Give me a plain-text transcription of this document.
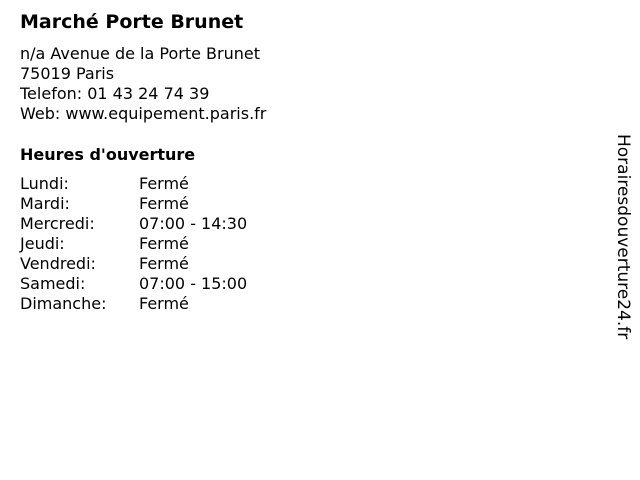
Marché Porte Brunet
n/a Avenue de la Porte Brunet
75019 Paris
Telefon: 01 43 24 74 39
Web: www.equipement.paris.fr
Heures d'ouverture
Lundi:	Fermé
Mardi:	Fermé
Mercredi:	07:00 - 14:30
Jeudi:	Fermé
Vendredi:	Fermé
Samedi:	07:00 - 15:00
Dimanche: Fermé	Horairesdouverture24.fr
